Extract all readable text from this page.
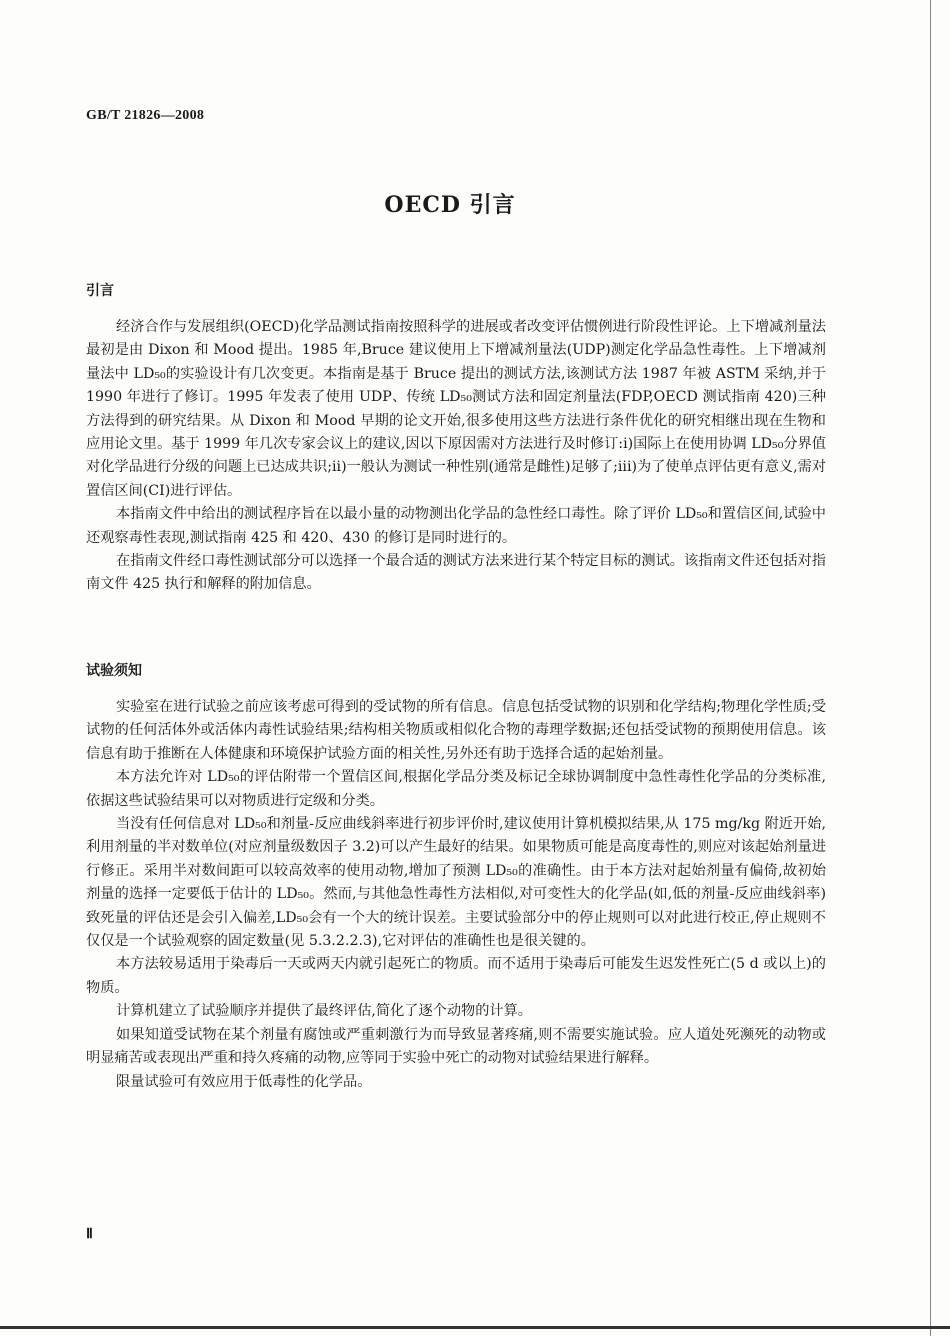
GB/T 21826—2008
OECD 引言
引言

经济合作与发展组织(OECD)化学品测试指南按照科学的进展或者改变评估惯例进行阶段性评论。上下增减剂量法最初是由 Dixon 和 Mood 提出。1985 年,Bruce 建议使用上下增减剂量法(UDP)测定化学品急性毒性。上下增减剂量法中 LD₅₀的实验设计有几次变更。本指南是基于 Bruce 提出的测试方法,该测试方法 1987 年被 ASTM 采纳,并于 1990 年进行了修订。1995 年发表了使用 UDP、传统 LD₅₀测试方法和固定剂量法(FDP,OECD 测试指南 420)三种方法得到的研究结果。从 Dixon 和 Mood 早期的论文开始,很多使用这些方法进行条件优化的研究相继出现在生物和应用论文里。基于 1999 年几次专家会议上的建议,因以下原因需对方法进行及时修订:i)国际上在使用协调 LD₅₀分界值对化学品进行分级的问题上已达成共识;ii)一般认为测试一种性别(通常是雌性)足够了;iii)为了使单点评估更有意义,需对置信区间(CI)进行评估。

本指南文件中给出的测试程序旨在以最小量的动物测出化学品的急性经口毒性。除了评价 LD₅₀和置信区间,试验中还观察毒性表现,测试指南 425 和 420、430 的修订是同时进行的。

在指南文件经口毒性测试部分可以选择一个最合适的测试方法来进行某个特定目标的测试。该指南文件还包括对指南文件 425 执行和解释的附加信息。

试验须知

实验室在进行试验之前应该考虑可得到的受试物的所有信息。信息包括受试物的识别和化学结构;物理化学性质;受试物的任何活体外或活体内毒性试验结果;结构相关物质或相似化合物的毒理学数据;还包括受试物的预期使用信息。该信息有助于推断在人体健康和环境保护试验方面的相关性,另外还有助于选择合适的起始剂量。

本方法允许对 LD₅₀的评估附带一个置信区间,根据化学品分类及标记全球协调制度中急性毒性化学品的分类标准,依据这些试验结果可以对物质进行定级和分类。

当没有任何信息对 LD₅₀和剂量-反应曲线斜率进行初步评价时,建议使用计算机模拟结果,从 175 mg/kg 附近开始,利用剂量的半对数单位(对应剂量级数因子 3.2)可以产生最好的结果。如果物质可能是高度毒性的,则应对该起始剂量进行修正。采用半对数间距可以较高效率的使用动物,增加了预测 LD₅₀的准确性。由于本方法对起始剂量有偏倚,故初始剂量的选择一定要低于估计的 LD₅₀。然而,与其他急性毒性方法相似,对可变性大的化学品(如,低的剂量-反应曲线斜率)致死量的评估还是会引入偏差,LD₅₀会有一个大的统计误差。主要试验部分中的停止规则可以对此进行校正,停止规则不仅仅是一个试验观察的固定数量(见 5.3.2.2.3),它对评估的准确性也是很关键的。

本方法较易适用于染毒后一天或两天内就引起死亡的物质。而不适用于染毒后可能发生迟发性死亡(5 d 或以上)的物质。

计算机建立了试验顺序并提供了最终评估,简化了逐个动物的计算。

如果知道受试物在某个剂量有腐蚀或严重刺激行为而导致显著疼痛,则不需要实施试验。应人道处死濒死的动物或明显痛苦或表现出严重和持久疼痛的动物,应等同于实验中死亡的动物对试验结果进行解释。

限量试验可有效应用于低毒性的化学品。

Ⅱ
